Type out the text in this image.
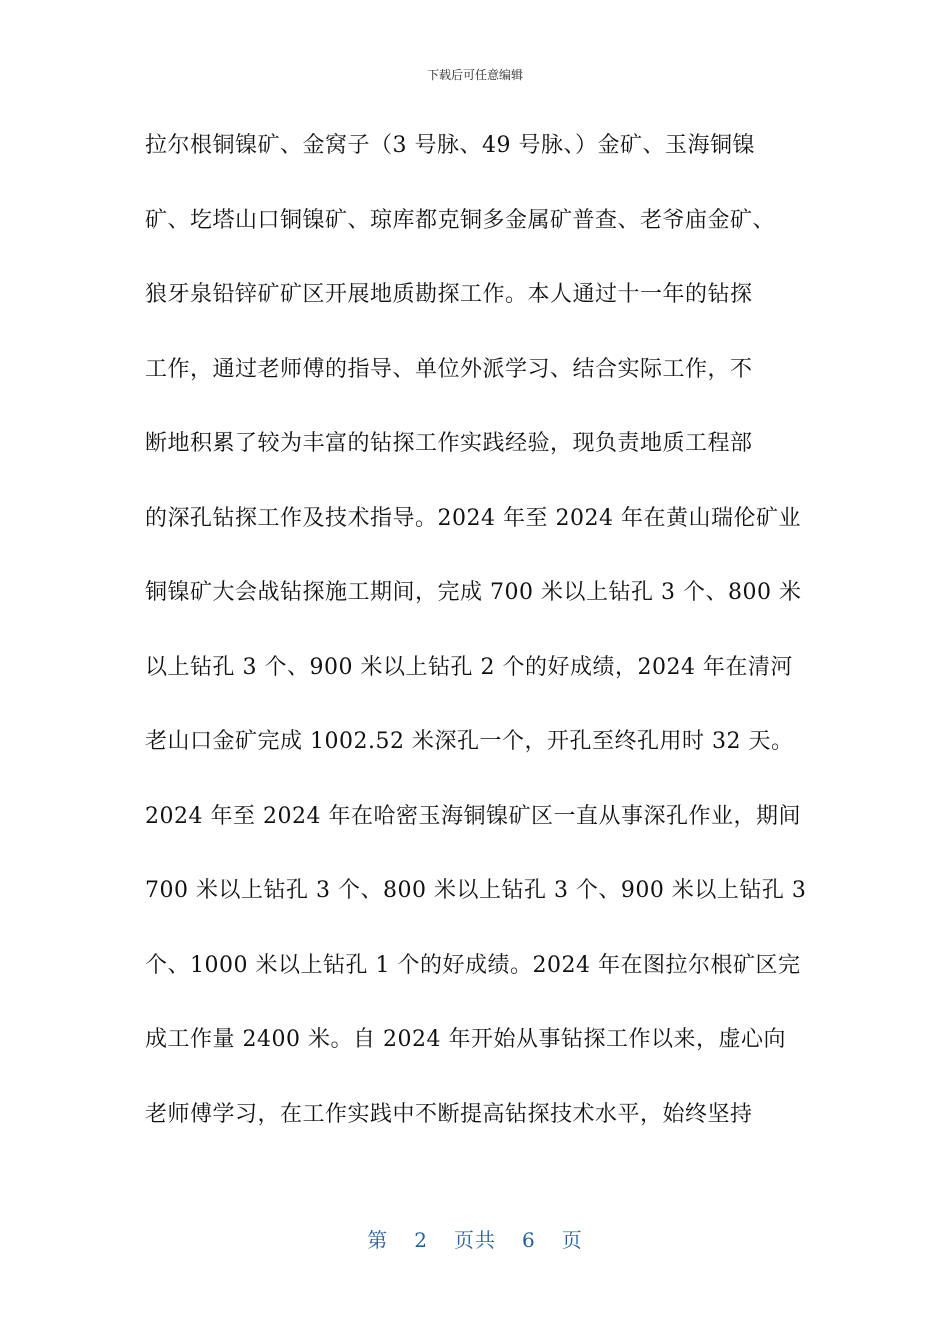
下载后可任意编辑
拉尔根铜镍矿、金窝子（3 号脉、49 号脉、）金矿、玉海铜镍
矿、圪塔山口铜镍矿、琼库都克铜多金属矿普查、老爷庙金矿、
狼牙泉铅锌矿矿区开展地质勘探工作。本人通过十一年的钻探
工作，通过老师傅的指导、单位外派学习、结合实际工作，不
断地积累了较为丰富的钻探工作实践经验，现负责地质工程部
的深孔钻探工作及技术指导。2024 年至 2024 年在黄山瑞伦矿业
铜镍矿大会战钻探施工期间，完成 700 米以上钻孔 3 个、800 米
以上钻孔 3 个、900 米以上钻孔 2 个的好成绩，2024 年在清河
老山口金矿完成 1002.52 米深孔一个，开孔至终孔用时 32 天。
2024 年至 2024 年在哈密玉海铜镍矿区一直从事深孔作业，期间
700 米以上钻孔 3 个、800 米以上钻孔 3 个、900 米以上钻孔 3
个、1000 米以上钻孔 1 个的好成绩。2024 年在图拉尔根矿区完
成工作量 2400 米。自 2024 年开始从事钻探工作以来，虚心向
老师傅学习，在工作实践中不断提高钻探技术水平，始终坚持
第 2 页共 6 页
